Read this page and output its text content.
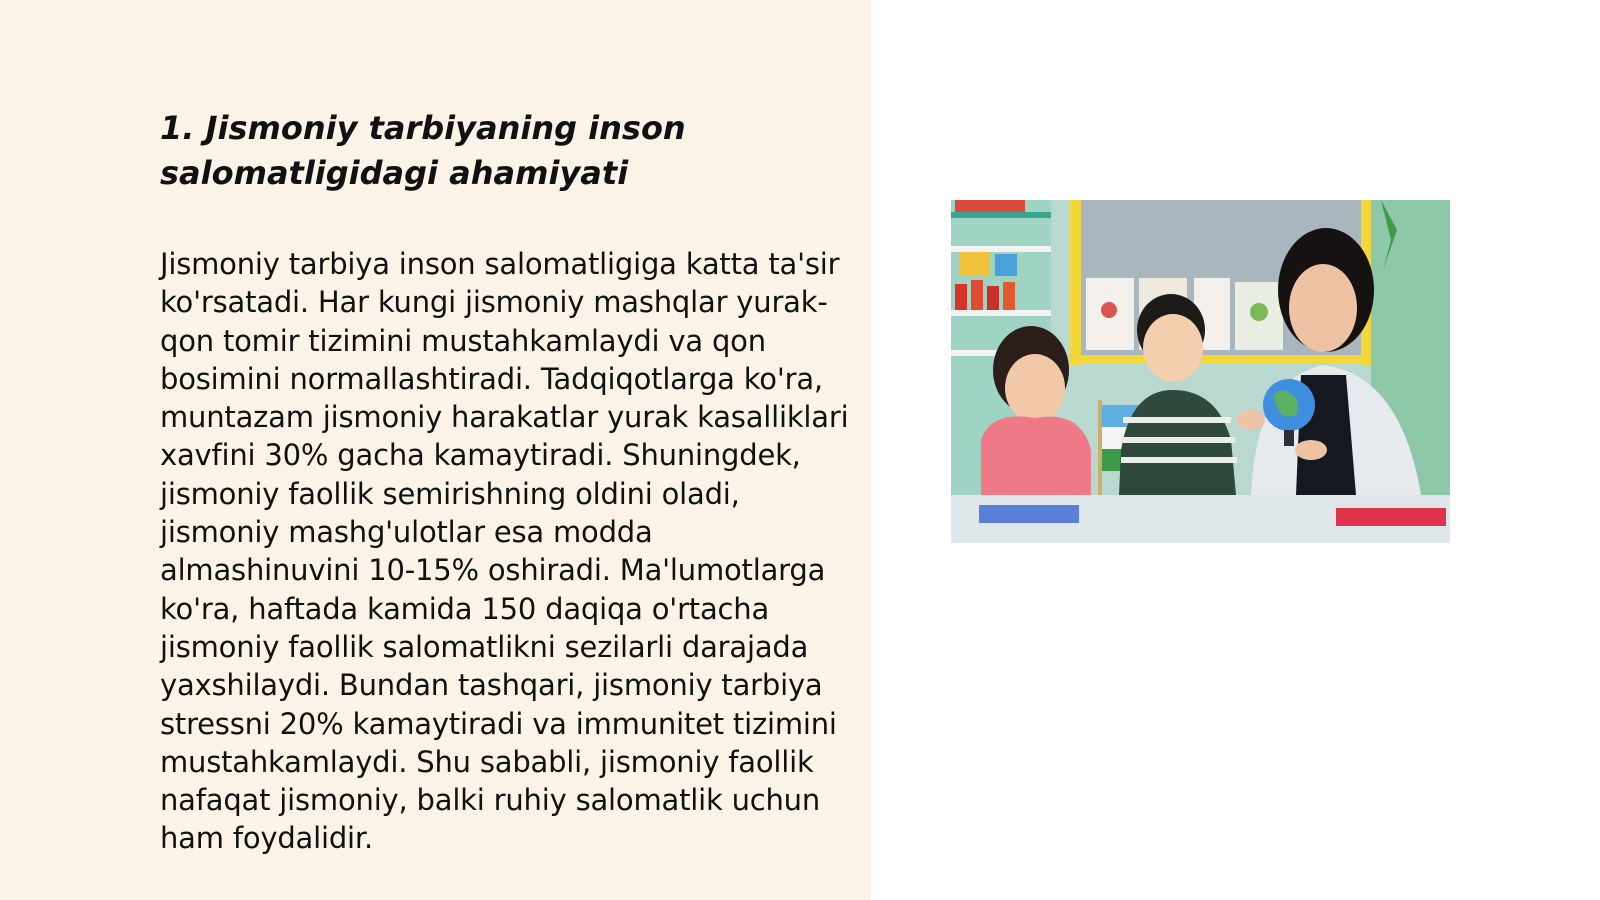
1. Jismoniy tarbiyaning inson salomatligidagi ahamiyati

Jismoniy tarbiya inson salomatligiga katta ta'sir ko'rsatadi. Har kungi jismoniy mashqlar yurak-qon tomir tizimini mustahkamlaydi va qon bosimini normallashtiradi. Tadqiqotlarga ko'ra, muntazam jismoniy harakatlar yurak kasalliklari xavfini 30% gacha kamaytiradi. Shuningdek, jismoniy faollik semirishning oldini oladi, jismoniy mashg'ulotlar esa modda almashinuvini 10-15% oshiradi. Ma'lumotlarga ko'ra, haftada kamida 150 daqiqa o'rtacha jismoniy faollik salomatlikni sezilarli darajada yaxshilaydi. Bundan tashqari, jismoniy tarbiya stressni 20% kamaytiradi va immunitet tizimini mustahkamlaydi. Shu sababli, jismoniy faollik nafaqat jismoniy, balki ruhiy salomatlik uchun ham foydalidir.
